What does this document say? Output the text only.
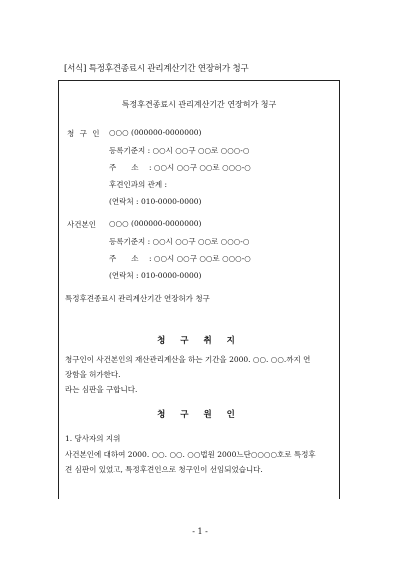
[서식] 특정후견종료시 관리계산기간 연장허가 청구
특정후견종료시 관리계산기간 연장허가 청구
청 구 인 ○○○ (000000-0000000)
등록기준지 : ○○시 ○○구 ○○로 ○○○-○
주　　소 : ○○시 ○○구 ○○로 ○○○-○
후견인과의 관계 :
(연락처 : 010-0000-0000)
사건본인 ○○○ (000000-0000000)
등록기준지 : ○○시 ○○구 ○○로 ○○○-○
주　　소 : ○○시 ○○구 ○○로 ○○○-○
(연락처 : 010-0000-0000)
특정후견종료시 관리계산기간 연장허가 청구
청 구 취 지
청구인이 사건본인의 재산관리계산을 하는 기간을 2000. ○○. ○○.까지 연
장함을 허가한다.
라는 심판을 구합니다.
청 구 원 인
1. 당사자의 지위
사건본인에 대하여 2000. ○○. ○○. ○○법원 2000느단○○○○호로 특정후
견 심판이 있었고, 특정후견인으로 청구인이 선임되었습니다.
- 1 -
